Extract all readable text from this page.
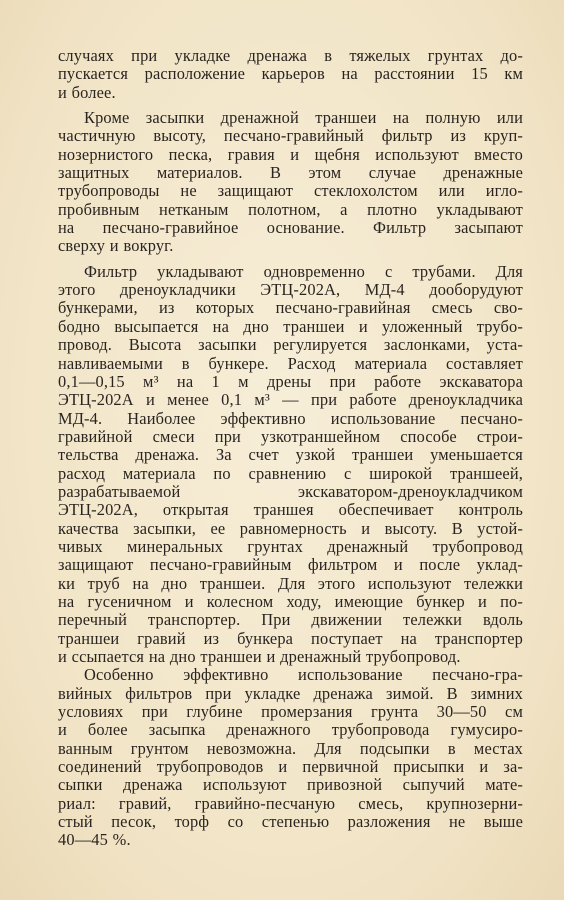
случаях при укладке дренажа в тяжелых грунтах до-
пускается расположение карьеров на расстоянии 15 км
и более.
Кроме засыпки дренажной траншеи на полную или
частичную высоту, песчано-гравийный фильтр из круп-
нозернистого песка, гравия и щебня используют вместо
защитных материалов. В этом случае дренажные
трубопроводы не защищают стеклохолстом или игло-
пробивным нетканым полотном, а плотно укладывают
на песчано-гравийное основание. Фильтр засыпают
сверху и вокруг.
Фильтр укладывают одновременно с трубами. Для
этого дреноукладчики ЭТЦ-202А, МД-4 дооборудуют
бункерами, из которых песчано-гравийная смесь сво-
бодно высыпается на дно траншеи и уложенный трубо-
провод. Высота засыпки регулируется заслонками, уста-
навливаемыми в бункере. Расход материала составляет
0,1—0,15 м³ на 1 м дрены при работе экскаватора
ЭТЦ-202А и менее 0,1 м³ — при работе дреноукладчика
МД-4. Наиболее эффективно использование песчано-
гравийной смеси при узкотраншейном способе строи-
тельства дренажа. За счет узкой траншеи уменьшается
расход материала по сравнению с широкой траншеей,
разрабатываемой экскаватором-дреноукладчиком
ЭТЦ-202А, открытая траншея обеспечивает контроль
качества засыпки, ее равномерность и высоту. В устой-
чивых минеральных грунтах дренажный трубопровод
защищают песчано-гравийным фильтром и после уклад-
ки труб на дно траншеи. Для этого используют тележки
на гусеничном и колесном ходу, имеющие бункер и по-
перечный транспортер. При движении тележки вдоль
траншеи гравий из бункера поступает на транспортер
и ссыпается на дно траншеи и дренажный трубопровод.
Особенно эффективно использование песчано-гра-
вийных фильтров при укладке дренажа зимой. В зимних
условиях при глубине промерзания грунта 30—50 см
и более засыпка дренажного трубопровода гумусиро-
ванным грунтом невозможна. Для подсыпки в местах
соединений трубопроводов и первичной присыпки и за-
сыпки дренажа используют привозной сыпучий мате-
риал: гравий, гравийно-песчаную смесь, крупнозерни-
стый песок, торф со степенью разложения не выше
40—45 %.
